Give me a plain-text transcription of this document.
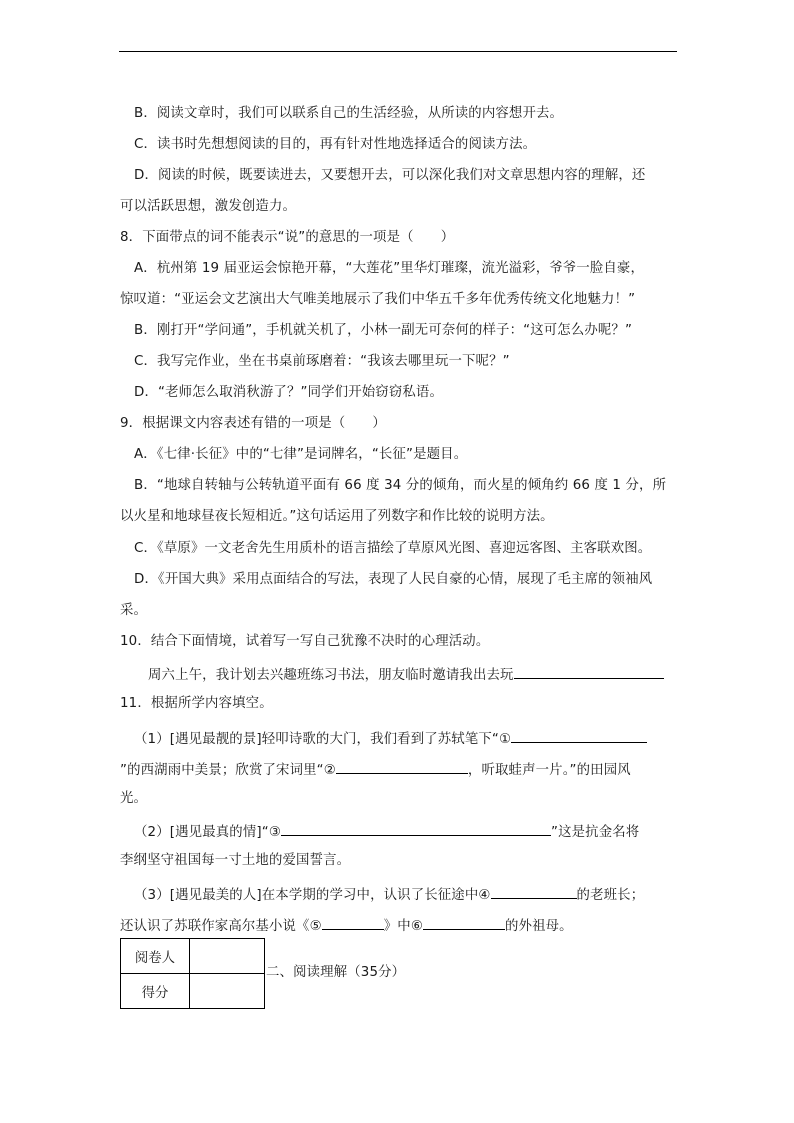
B．阅读文章时，我们可以联系自己的生活经验，从所读的内容想开去。
C．读书时先想想阅读的目的，再有针对性地选择适合的阅读方法。
D．阅读的时候，既要读进去，又要想开去，可以深化我们对文章思想内容的理解，还
可以活跃思想，激发创造力。
8．下面带点的词不能表示“说”的意思的一项是（　　）
A．杭州第 19 届亚运会惊艳开幕，“大莲花”里华灯璀璨，流光溢彩，爷爷一脸自豪，
惊叹道：“亚运会文艺演出大气唯美地展示了我们中华五千多年优秀传统文化地魅力！”
B．刚打开“学问通”，手机就关机了，小林一副无可奈何的样子：“这可怎么办呢？”
C．我写完作业，坐在书桌前琢磨着：“我该去哪里玩一下呢？”
D．“老师怎么取消秋游了？”同学们开始窃窃私语。
9．根据课文内容表述有错的一项是（　　）
A．《七律·长征》中的“七律”是词牌名，“长征”是题目。
B．“地球自转轴与公转轨道平面有 66 度 34 分的倾角，而火星的倾角约 66 度 1 分，所
以火星和地球昼夜长短相近。”这句话运用了列数字和作比较的说明方法。
C．《草原》一文老舍先生用质朴的语言描绘了草原风光图、喜迎远客图、主客联欢图。
D．《开国大典》采用点面结合的写法，表现了人民自豪的心情，展现了毛主席的领袖风
采。
10．结合下面情境，试着写一写自己犹豫不决时的心理活动。
周六上午，我计划去兴趣班练习书法，朋友临时邀请我出去玩
11．根据所学内容填空。
（1）[遇见最靓的景]轻叩诗歌的大门，我们看到了苏轼笔下“①
”的西湖雨中美景；欣赏了宋词里“②	，听取蛙声一片。”的田园风
光。
（2）[遇见最真的情]“③	”这是抗金名将
李纲坚守祖国每一寸土地的爱国誓言。
（3）[遇见最美的人]在本学期的学习中，认识了长征途中④	的老班长；
还认识了苏联作家高尔基小说《⑤	》中⑥	的外祖母。
阅卷人	
得分	
二、阅读理解（35分）
